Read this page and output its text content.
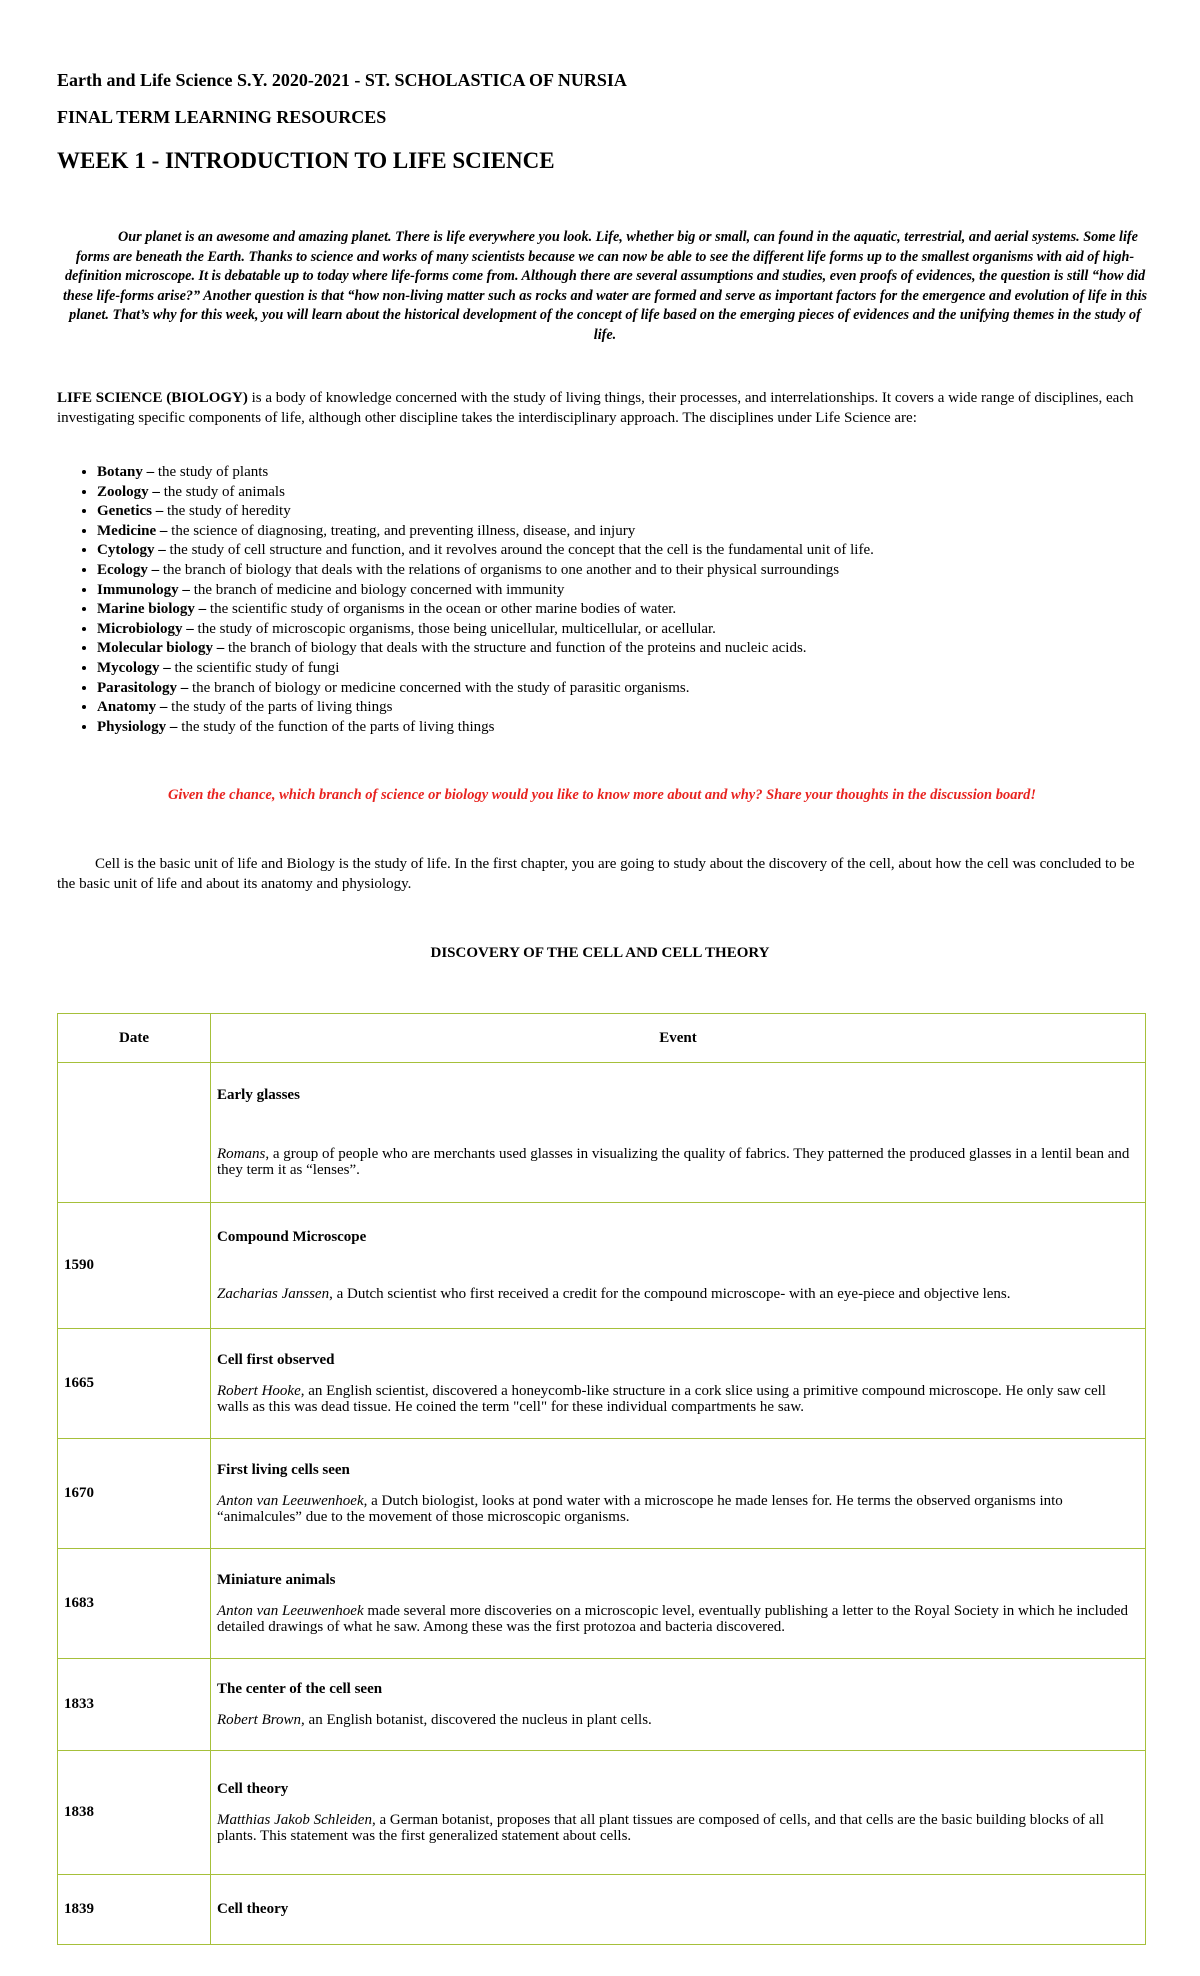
Earth and Life Science S.Y. 2020-2021 - ST. SCHOLASTICA OF NURSIA
FINAL TERM LEARNING RESOURCES
WEEK 1 - INTRODUCTION TO LIFE SCIENCE
Our planet is an awesome and amazing planet. There is life everywhere you look. Life, whether big or small, can found in the aquatic, terrestrial, and aerial systems. Some life forms are beneath the Earth. Thanks to science and works of many scientists because we can now be able to see the different life forms up to the smallest organisms with aid of high-definition microscope. It is debatable up to today where life-forms come from. Although there are several assumptions and studies, even proofs of evidences, the question is still “how did these life-forms arise?” Another question is that “how non-living matter such as rocks and water are formed and serve as important factors for the emergence and evolution of life in this planet. That’s why for this week, you will learn about the historical development of the concept of life based on the emerging pieces of evidences and the unifying themes in the study of life.
LIFE SCIENCE (BIOLOGY) is a body of knowledge concerned with the study of living things, their processes, and interrelationships. It covers a wide range of disciplines, each investigating specific components of life, although other discipline takes the interdisciplinary approach. The disciplines under Life Science are:
• Botany – the study of plants
• Zoology – the study of animals
• Genetics – the study of heredity
• Medicine – the science of diagnosing, treating, and preventing illness, disease, and injury
• Cytology – the study of cell structure and function, and it revolves around the concept that the cell is the fundamental unit of life.
• Ecology – the branch of biology that deals with the relations of organisms to one another and to their physical surroundings
• Immunology – the branch of medicine and biology concerned with immunity
• Marine biology – the scientific study of organisms in the ocean or other marine bodies of water.
• Microbiology – the study of microscopic organisms, those being unicellular, multicellular, or acellular.
• Molecular biology – the branch of biology that deals with the structure and function of the proteins and nucleic acids.
• Mycology – the scientific study of fungi
• Parasitology – the branch of biology or medicine concerned with the study of parasitic organisms.
• Anatomy – the study of the parts of living things
• Physiology – the study of the function of the parts of living things
Given the chance, which branch of science or biology would you like to know more about and why? Share your thoughts in the discussion board!
Cell is the basic unit of life and Biology is the study of life. In the first chapter, you are going to study about the discovery of the cell, about how the cell was concluded to be the basic unit of life and about its anatomy and physiology.
DISCOVERY OF THE CELL AND CELL THEORY
Date	Event

	Early glasses
Romans, a group of people who are merchants used glasses in visualizing the quality of fabrics. They patterned the produced glasses in a lentil bean and they term it as “lenses”.

1590	Compound Microscope
Zacharias Janssen, a Dutch scientist who first received a credit for the compound microscope- with an eye-piece and objective lens.

1665	Cell first observed
Robert Hooke, an English scientist, discovered a honeycomb-like structure in a cork slice using a primitive compound microscope. He only saw cell walls as this was dead tissue. He coined the term "cell" for these individual compartments he saw.

1670	First living cells seen
Anton van Leeuwenhoek, a Dutch biologist, looks at pond water with a microscope he made lenses for. He terms the observed organisms into “animalcules” due to the movement of those microscopic organisms.

1683	Miniature animals
Anton van Leeuwenhoek made several more discoveries on a microscopic level, eventually publishing a letter to the Royal Society in which he included detailed drawings of what he saw. Among these was the first protozoa and bacteria discovered.

1833	The center of the cell seen
Robert Brown, an English botanist, discovered the nucleus in plant cells.

1838	Cell theory
Matthias Jakob Schleiden, a German botanist, proposes that all plant tissues are composed of cells, and that cells are the basic building blocks of all plants. This statement was the first generalized statement about cells.

1839	Cell theory
